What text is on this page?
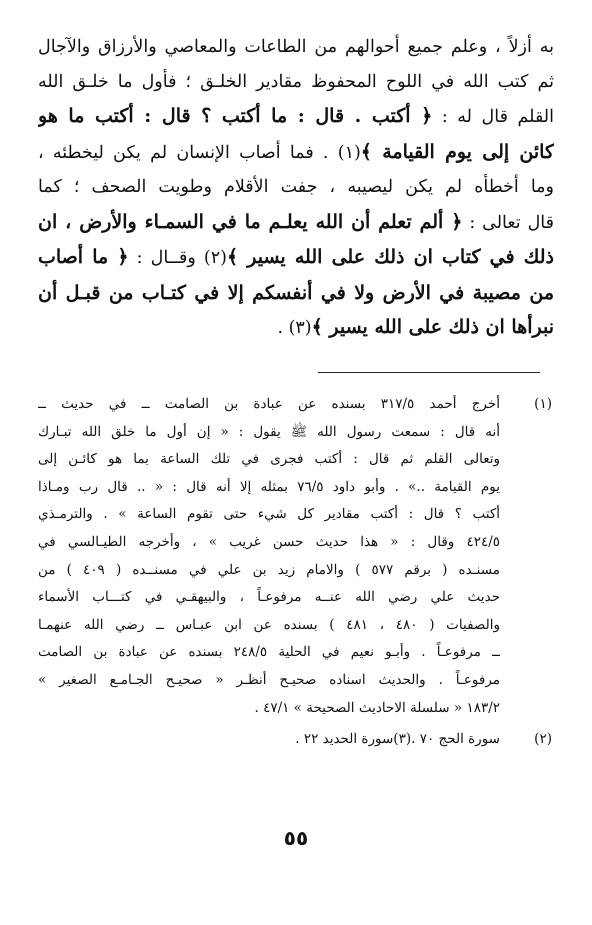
به أزلاً ، وعلم جميع أحوالهم من الطاعات والمعاصي والأرزاق والآجال
ثم كتب الله في اللوح المحفوظ مقادير الخلـق ؛ فأول ما خلـق الله
القلم قال له : ﴿ أكتب . قال : ما أكتب ؟ قال : أكتب ما هو
كائن إلى يوم القيامة ﴾(١) . فما أصاب الإنسان لم يكن ليخطئه ،
وما أخطأه لم يكن ليصيبه ، جفت الأقلام وطويت الصحف ؛ كما
قال تعالى : ﴿ ألم تعلم أن الله يعلـم ما في السمـاء والأرض ، ان
ذلك في كتاب ان ذلك على الله يسير ﴾(٢) وقــال : ﴿ ما أصاب
من مصيبة في الأرض ولا في أنفسكم إلا في كتـاب من قبـل أن
نبرأها ان ذلك على الله يسير ﴾(٣) .
(١)
أخرج أحمد ٣١٧/٥ بسنده عن عبادة بن الصامت ــ في حديث ــ
أنه قال : سمعت رسول الله ﷺ يقول : « إن أول ما خلق الله تبـارك
وتعالى القلم ثم قال : أكتب فجرى في تلك الساعة بما هو كائـن إلى
يوم القيامة ..» . وأبو داود ٧٦/٥ بمثله إلا أنه قال : « .. قال رب ومـاذا
أكتب ؟ قال : أكتب مقادير كل شيء حتى تقوم الساعة » . والترمـذي
٤٢٤/٥ وقال : « هذا حديث حسن غريب » ، وأخرجه الطيـالسي في
مسنـده ( برقم ٥٧٧ ) والامام زيد بن علي في مسنــده ( ٤٠٩ ) من
حديث علي رضي الله عنــه مرفوعـاً ، والبيهقـي في كتـــاب الأسماء
والصفيات ( ٤٨٠ ، ٤٨١ ) بسنده عن ابن عبـاس ــ رضي الله عنهمـا
ــ مرفوعـاً . وأبـو نعيم في الحلية ٢٤٨/٥ بسنده عن عبادة بن الصامت
مرفوعـاً . والحديث اسناده صحيـح أنظـر « صحيـح الجـامـع الصغير »
١٨٣/٢ « سلسلة الاحاديث الصحيحة » ٤٧/١ .
(٢)
سورة الحج ٧٠ .
(٣)سورة الحديد ٢٢ .
٥٥
